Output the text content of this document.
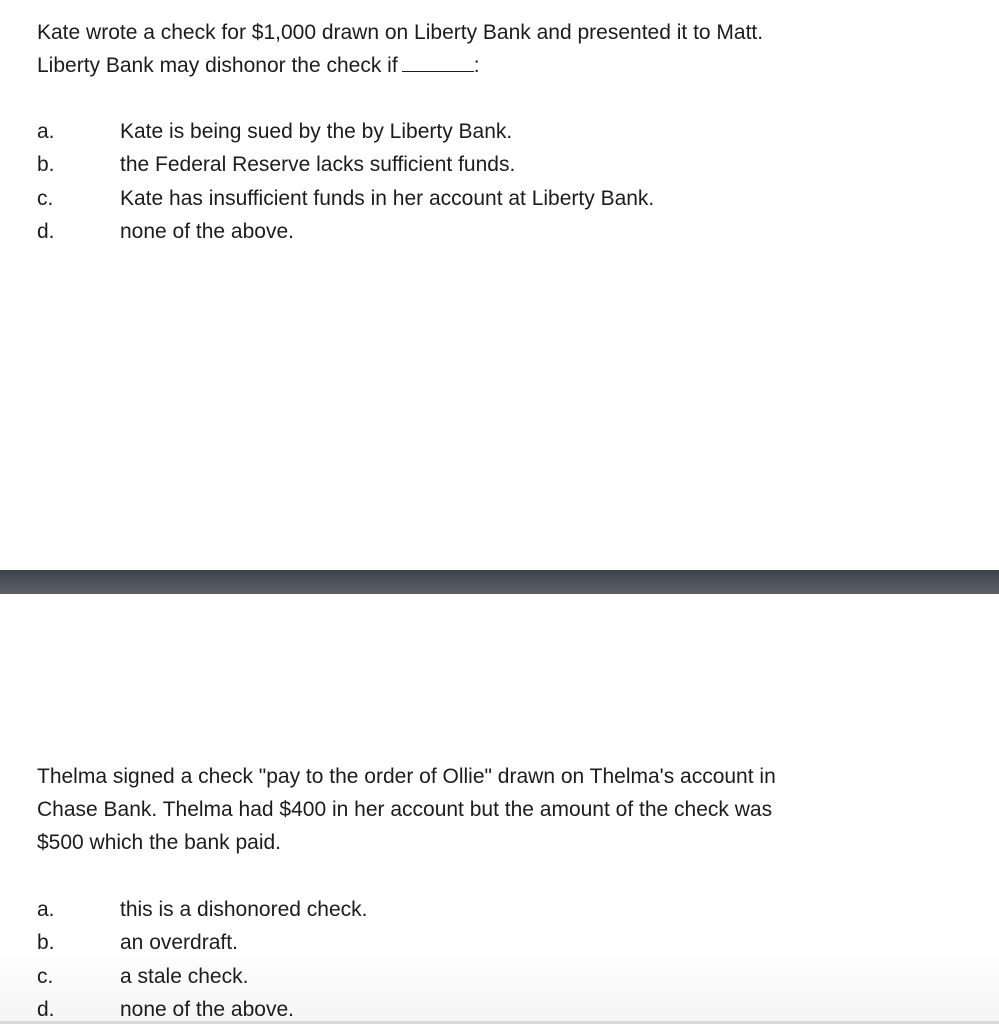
Kate wrote a check for $1,000 drawn on Liberty Bank and presented it to Matt.
Liberty Bank may dishonor the check if	:

a.	Kate is being sued by the by Liberty Bank.
b.	the Federal Reserve lacks sufficient funds.
c.	Kate has insufficient funds in her account at Liberty Bank.
d.	none of the above.

Thelma signed a check "pay to the order of Ollie" drawn on Thelma's account in
Chase Bank. Thelma had $400 in her account but the amount of the check was
$500 which the bank paid.

a.	this is a dishonored check.
b.	an overdraft.
c.	a stale check.
d.	none of the above.
